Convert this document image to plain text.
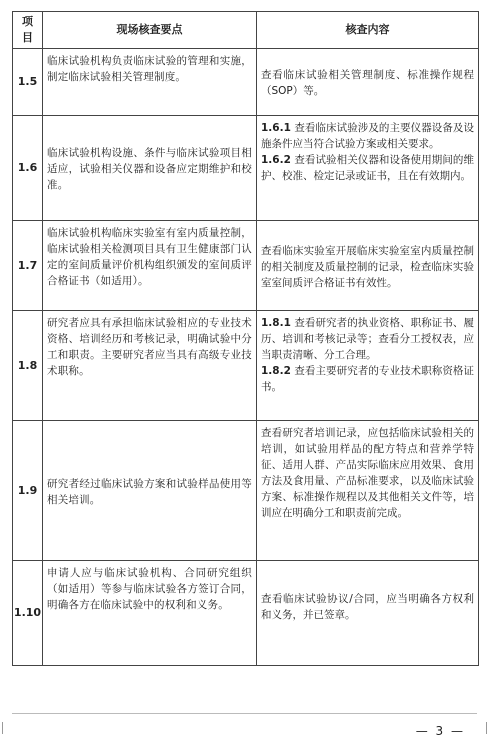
项目	现场核查要点	核查内容
1.5	临床试验机构负责临床试验的管理和实施，制定临床试验相关管理制度。	查看临床试验相关管理制度、标准操作规程（SOP）等。

1.6	临床试验机构设施、条件与临床试验项目相适应，试验相关仪器和设备应定期维护和校准。	1.6.1 查看临床试验涉及的主要仪器设备及设施条件应当符合试验方案或相关要求。

1.6.2 查看试验相关仪器和设备使用期间的维护、校准、检定记录或证书，且在有效期内。

1.7	临床试验机构临床实验室有室内质量控制，临床试验相关检测项目具有卫生健康部门认定的室间质量评价机构组织颁发的室间质评合格证书（如适用）。	查看临床实验室开展临床实验室室内质量控制的相关制度及质量控制的记录，检查临床实验室室间质评合格证书有效性。

1.8	研究者应具有承担临床试验相应的专业技术资格、培训经历和考核记录，明确试验中分工和职责。主要研究者应当具有高级专业技术职称。	1.8.1 查看研究者的执业资格、职称证书、履历、培训和考核记录等；查看分工授权表，应当职责清晰、分工合理。

1.8.2 查看主要研究者的专业技术职称资格证书。

1.9	研究者经过临床试验方案和试验样品使用等相关培训。	查看研究者培训记录，应包括临床试验相关的培训，如试验用样品的配方特点和营养学特征、适用人群、产品实际临床应用效果、食用方法及食用量、产品标准要求，以及临床试验方案、标准操作规程以及其他相关文件等，培训应在明确分工和职责前完成。

1.10	申请人应与临床试验机构、合同研究组织（如适用）等参与临床试验各方签订合同，明确各方在临床试验中的权利和义务。	查看临床试验协议/合同，应当明确各方权利和义务，并已签章。

— 3 —
